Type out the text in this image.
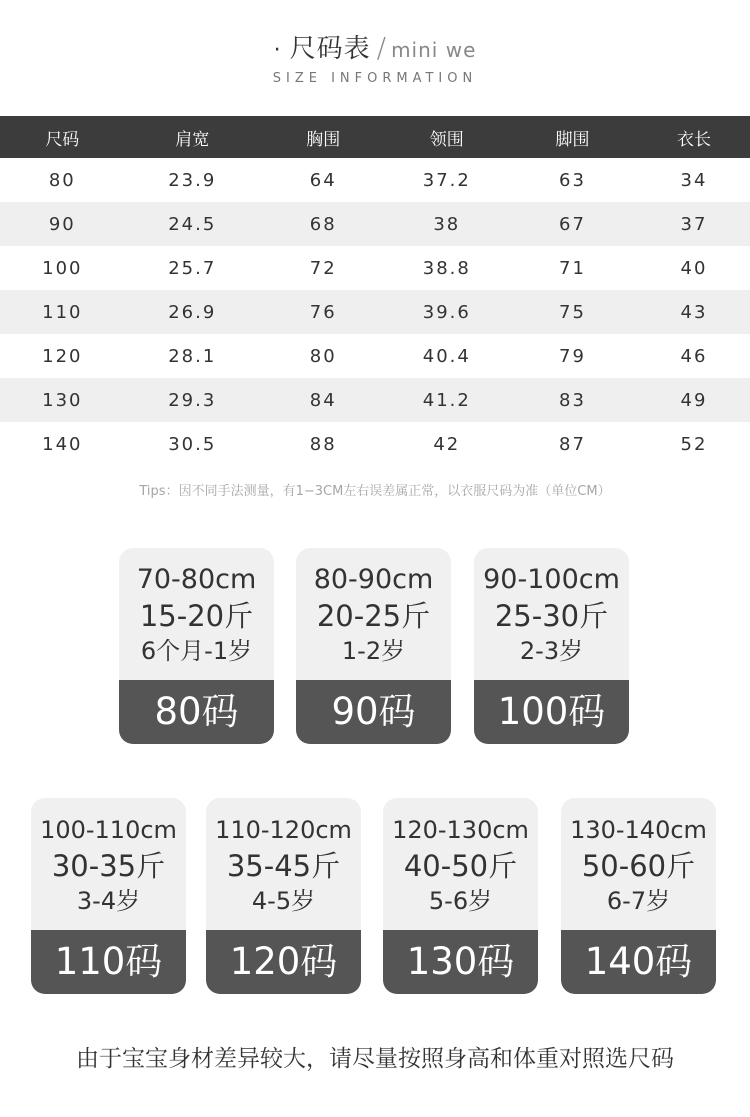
· 尺码表 / mini we
SIZE INFORMATION
尺码	肩宽	胸围	领围	脚围	衣长
80	23.9	64	37.2	63	34
90	24.5	68	38	67	37
100	25.7	72	38.8	71	40
110	26.9	76	39.6	75	43
120	28.1	80	40.4	79	46
130	29.3	84	41.2	83	49
140	30.5	88	42	87	52
Tips：因不同手法测量，有1−3CM左右误差属正常，以衣服尺码为准（单位CM）
70-80cm
15-20斤
6个月-1岁
80码
80-90cm
20-25斤
1-2岁
90码
90-100cm
25-30斤
2-3岁
100码
100-110cm
30-35斤
3-4岁
110码
110-120cm
35-45斤
4-5岁
120码
120-130cm
40-50斤
5-6岁
130码
130-140cm
50-60斤
6-7岁
140码
由于宝宝身材差异较大，请尽量按照身高和体重对照选尺码
